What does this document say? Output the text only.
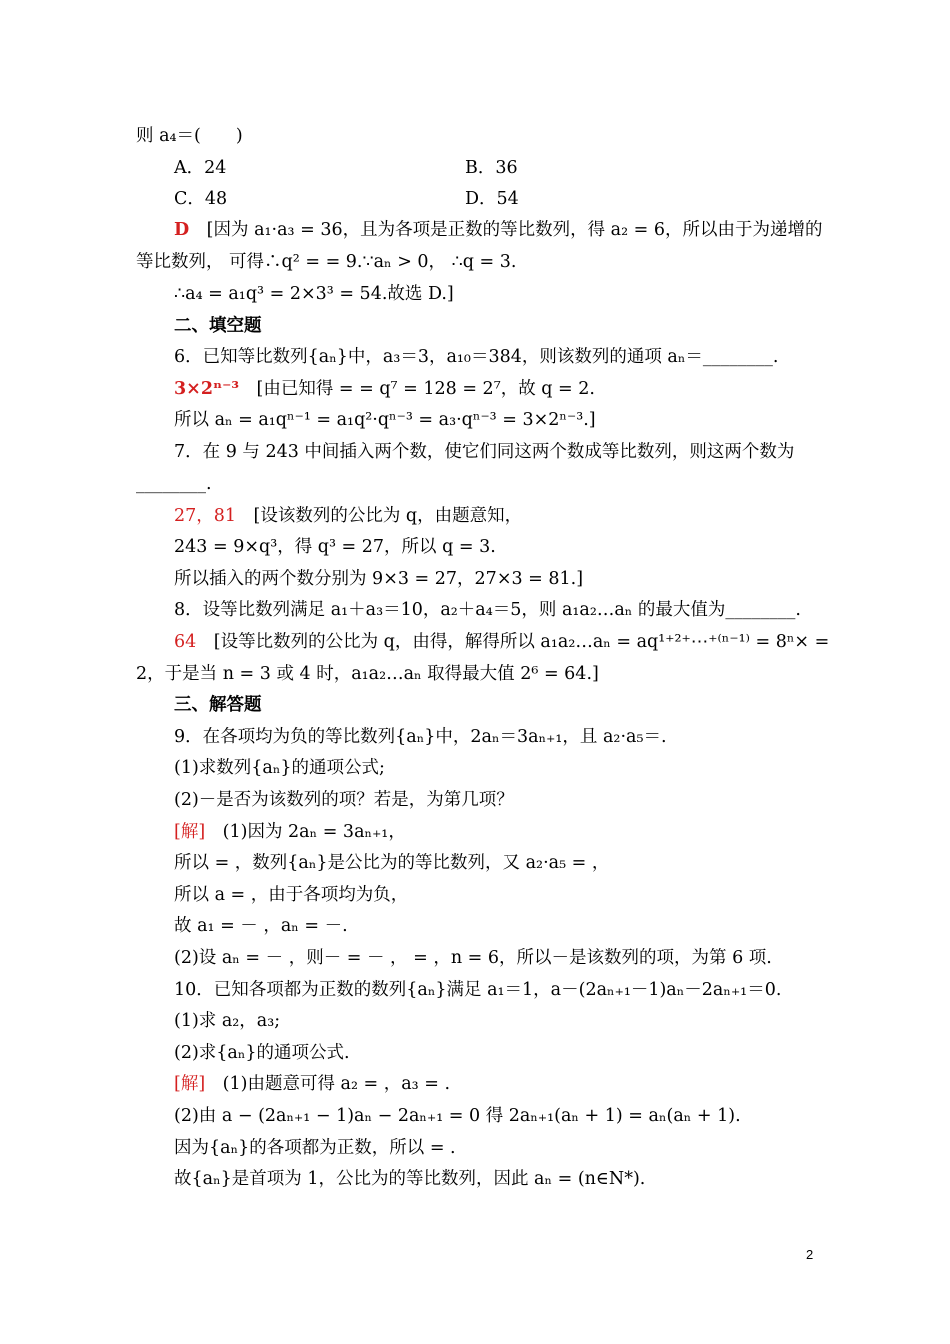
则 a₄＝(　　)
D　[因为 a₁·a₃ = 36，且为各项是正数的等比数列，得 a₂ = 6，所以由于为递增的
等比数列， 可得∴q² = = 9.∵aₙ > 0， ∴q = 3.
∴a₄ = a₁q³ = 2×3³ = 54.故选 D.]
二、填空题
6．已知等比数列{aₙ}中，a₃＝3，a₁₀＝384，则该数列的通项 aₙ＝________.
3×2ⁿ⁻³　[由已知得 = = q⁷ = 128 = 2⁷，故 q = 2.
所以 aₙ = a₁qⁿ⁻¹ = a₁q²·qⁿ⁻³ = a₃·qⁿ⁻³ = 3×2ⁿ⁻³.]
7．在 9 与 243 中间插入两个数，使它们同这两个数成等比数列，则这两个数为
________.
27，81　[设该数列的公比为 q，由题意知，
243 = 9×q³，得 q³ = 27，所以 q = 3.
所以插入的两个数分别为 9×3 = 27，27×3 = 81.]
8．设等比数列满足 a₁＋a₃＝10，a₂＋a₄＝5，则 a₁a₂…aₙ 的最大值为________.
64　[设等比数列的公比为 q，由得，解得所以 a₁a₂…aₙ = aq¹⁺²⁺⋯⁺⁽ⁿ⁻¹⁾ = 8ⁿ× =
2，于是当 n = 3 或 4 时，a₁a₂…aₙ 取得最大值 2⁶ = 64.]
三、解答题
9．在各项均为负的等比数列{aₙ}中，2aₙ＝3aₙ₊₁，且 a₂·a₅＝.
(1)求数列{aₙ}的通项公式;
(2)－是否为该数列的项？若是，为第几项？
[解]　(1)因为 2aₙ = 3aₙ₊₁，
所以 = ，数列{aₙ}是公比为的等比数列，又 a₂·a₅ = ，
所以 a = ，由于各项均为负，
故 a₁ = － ，aₙ = －.
(2)设 aₙ = － ，则－ = － ， = ，n = 6，所以－是该数列的项，为第 6 项.
10．已知各项都为正数的数列{aₙ}满足 a₁＝1，a－(2aₙ₊₁－1)aₙ－2aₙ₊₁＝0.
(1)求 a₂，a₃;
(2)求{aₙ}的通项公式.
[解]　(1)由题意可得 a₂ = ，a₃ = .
(2)由 a − (2aₙ₊₁ − 1)aₙ − 2aₙ₊₁ = 0 得 2aₙ₊₁(aₙ + 1) = aₙ(aₙ + 1).
因为{aₙ}的各项都为正数，所以 = .
故{aₙ}是首项为 1，公比为的等比数列，因此 aₙ = (n∈N*).
A．24	B．36
C．48	D．54
2
